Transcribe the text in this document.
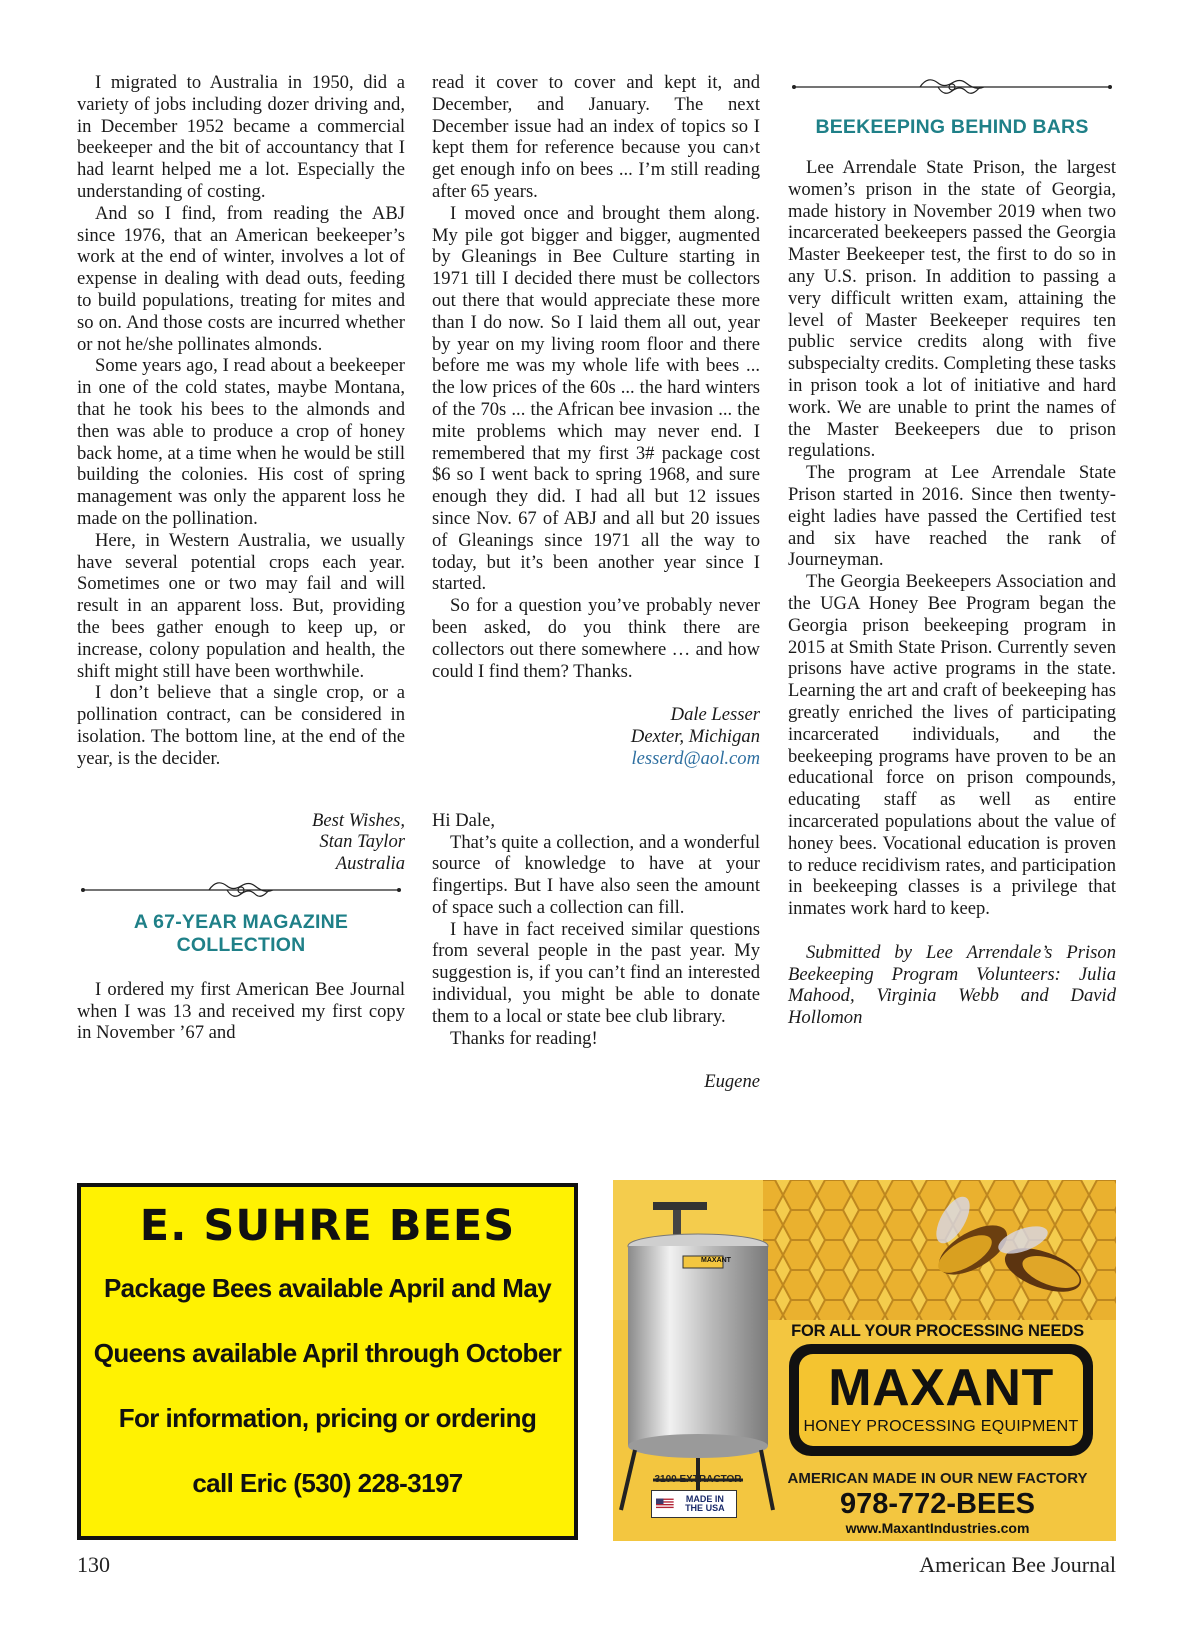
I migrated to Australia in 1950, did a variety of jobs including dozer driving and, in December 1952 became a commercial beekeeper and the bit of accountancy that I had learnt helped me a lot. Especially the understanding of costing.

And so I find, from reading the ABJ since 1976, that an American beekeeper’s work at the end of winter, involves a lot of expense in dealing with dead outs, feeding to build populations, treating for mites and so on. And those costs are incurred whether or not he/she pollinates almonds.

Some years ago, I read about a beekeeper in one of the cold states, maybe Montana, that he took his bees to the almonds and then was able to produce a crop of honey back home, at a time when he would be still building the colonies. His cost of spring management was only the apparent loss he made on the pollination.

Here, in Western Australia, we usually have several potential crops each year. Sometimes one or two may fail and will result in an apparent loss. But, providing the bees gather enough to keep up, or increase, colony population and health, the shift might still have been worthwhile.

I don’t believe that a single crop, or a pollination contract, can be considered in isolation. The bottom line, at the end of the year, is the decider.

Best Wishes,
Stan Taylor
Australia

A 67-YEAR MAGAZINE COLLECTION

I ordered my first American Bee Journal when I was 13 and received my first copy in November ’67 and

read it cover to cover and kept it, and December, and January. The next December issue had an index of topics so I kept them for reference because you can›t get enough info on bees ... I’m still reading after 65 years.

I moved once and brought them along. My pile got bigger and bigger, augmented by Gleanings in Bee Culture starting in 1971 till I decided there must be collectors out there that would appreciate these more than I do now. So I laid them all out, year by year on my living room floor and there before me was my whole life with bees ... the low prices of the 60s ... the hard winters of the 70s ... the African bee invasion ... the mite problems which may never end. I remembered that my first 3# package cost $6 so I went back to spring 1968, and sure enough they did. I had all but 12 issues since Nov. 67 of ABJ and all but 20 issues of Gleanings since 1971 all the way to today, but it’s been another year since I started.

So for a question you’ve probably never been asked, do you think there are collectors out there somewhere … and how could I find them? Thanks.

Dale Lesser
Dexter, Michigan
lesserd@aol.com

Hi Dale,

That’s quite a collection, and a wonderful source of knowledge to have at your fingertips. But I have also seen the amount of space such a collection can fill.

I have in fact received similar questions from several people in the past year. My suggestion is, if you can’t find an interested individual, you might be able to donate them to a local or state bee club library.

Thanks for reading!

Eugene

BEEKEEPING BEHIND BARS

Lee Arrendale State Prison, the largest women’s prison in the state of Georgia, made history in November 2019 when two incarcerated beekeepers passed the Georgia Master Beekeeper test, the first to do so in any U.S. prison. In addition to passing a very difficult written exam, attaining the level of Master Beekeeper requires ten public service credits along with five subspecialty credits. Completing these tasks in prison took a lot of initiative and hard work. We are unable to print the names of the Master Beekeepers due to prison regulations.

The program at Lee Arrendale State Prison started in 2016. Since then twenty-eight ladies have passed the Certified test and six have reached the rank of Journeyman.

The Georgia Beekeepers Association and the UGA Honey Bee Program began the Georgia prison beekeeping program in 2015 at Smith State Prison. Currently seven prisons have active programs in the state. Learning the art and craft of beekeeping has greatly enriched the lives of participating incarcerated individuals, and the beekeeping programs have proven to be an educational force on prison compounds, educating staff as well as entire incarcerated populations about the value of honey bees. Vocational education is proven to reduce recidivism rates, and participation in beekeeping classes is a privilege that inmates work hard to keep.

Submitted by Lee Arrendale’s Prison Beekeeping Program Volunteers: Julia Mahood, Virginia Webb and David Hollomon

E. SUHRE BEES
Package Bees available April and May
Queens available April through October
For information, pricing or ordering
call Eric (530) 228-3197
MAXANT
FOR ALL YOUR PROCESSING NEEDS
MAXANT
HONEY PROCESSING EQUIPMENT
3100 EXTRACTOR
MADE IN THE USA
AMERICAN MADE IN OUR NEW FACTORY
978-772-BEES
www.MaxantIndustries.com
130	American Bee Journal
